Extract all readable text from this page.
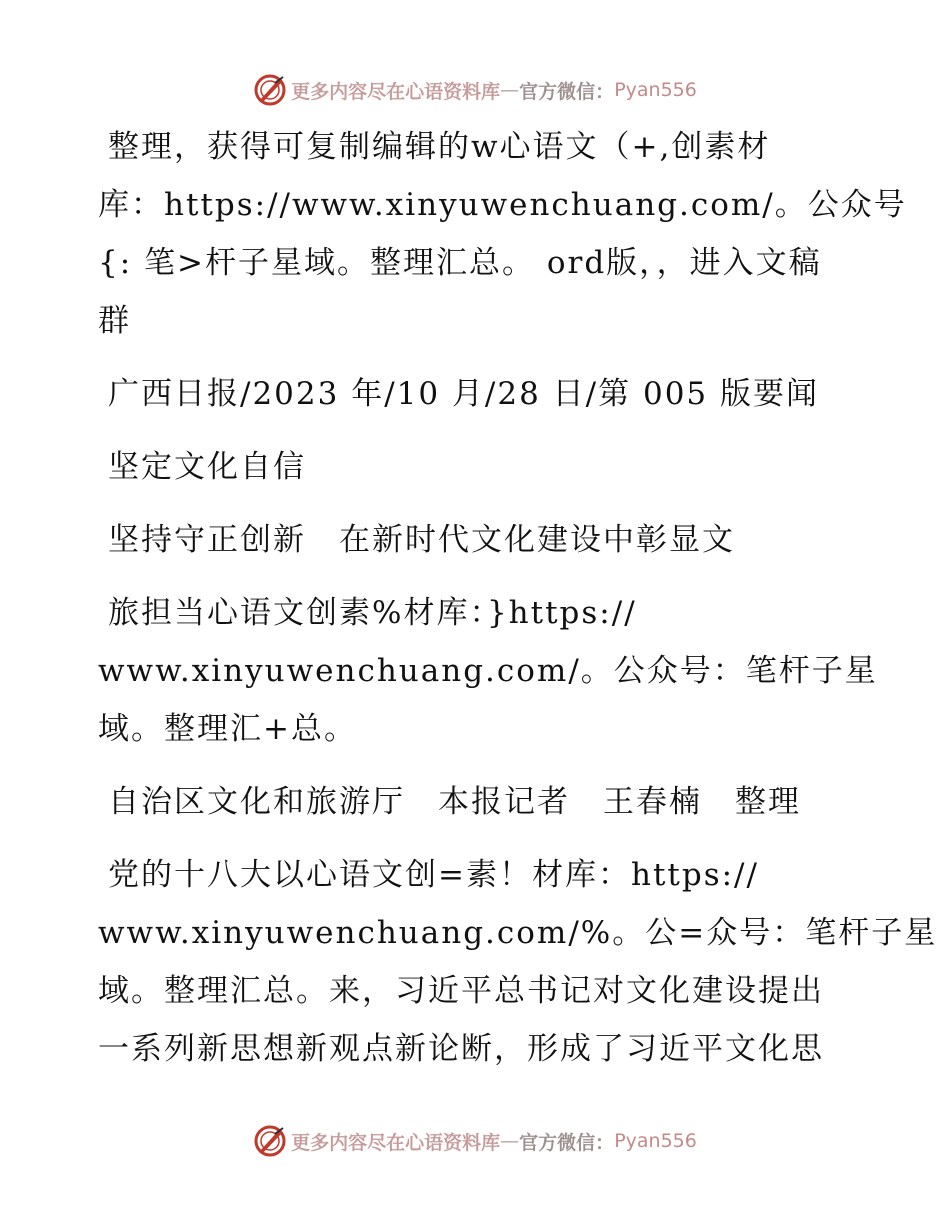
更多内容尽在心语资料库 — 官方微信： Pyan556
整理，获得可复制编辑的w心语文（+,创素材
库：https://www.xinyuwenchuang.com/。公众号
{: 笔>杆子星域。整理汇总。 ord版，，进入文稿
群
广西日报/2023 年/10 月/28 日/第 005 版要闻
坚定文化自信
坚持守正创新　在新时代文化建设中彰显文
旅担当心语文创素%材库：}https://
www.xinyuwenchuang.com/。公众号：笔杆子星
域。整理汇+总。
自治区文化和旅游厅　本报记者　王春楠　整理
党的十八大以心语文创=素！材库：https://
www.xinyuwenchuang.com/%。公=众号：笔杆子星
域。整理汇总。来，习近平总书记对文化建设提出
一系列新思想新观点新论断，形成了习近平文化思
更多内容尽在心语资料库 — 官方微信： Pyan556
